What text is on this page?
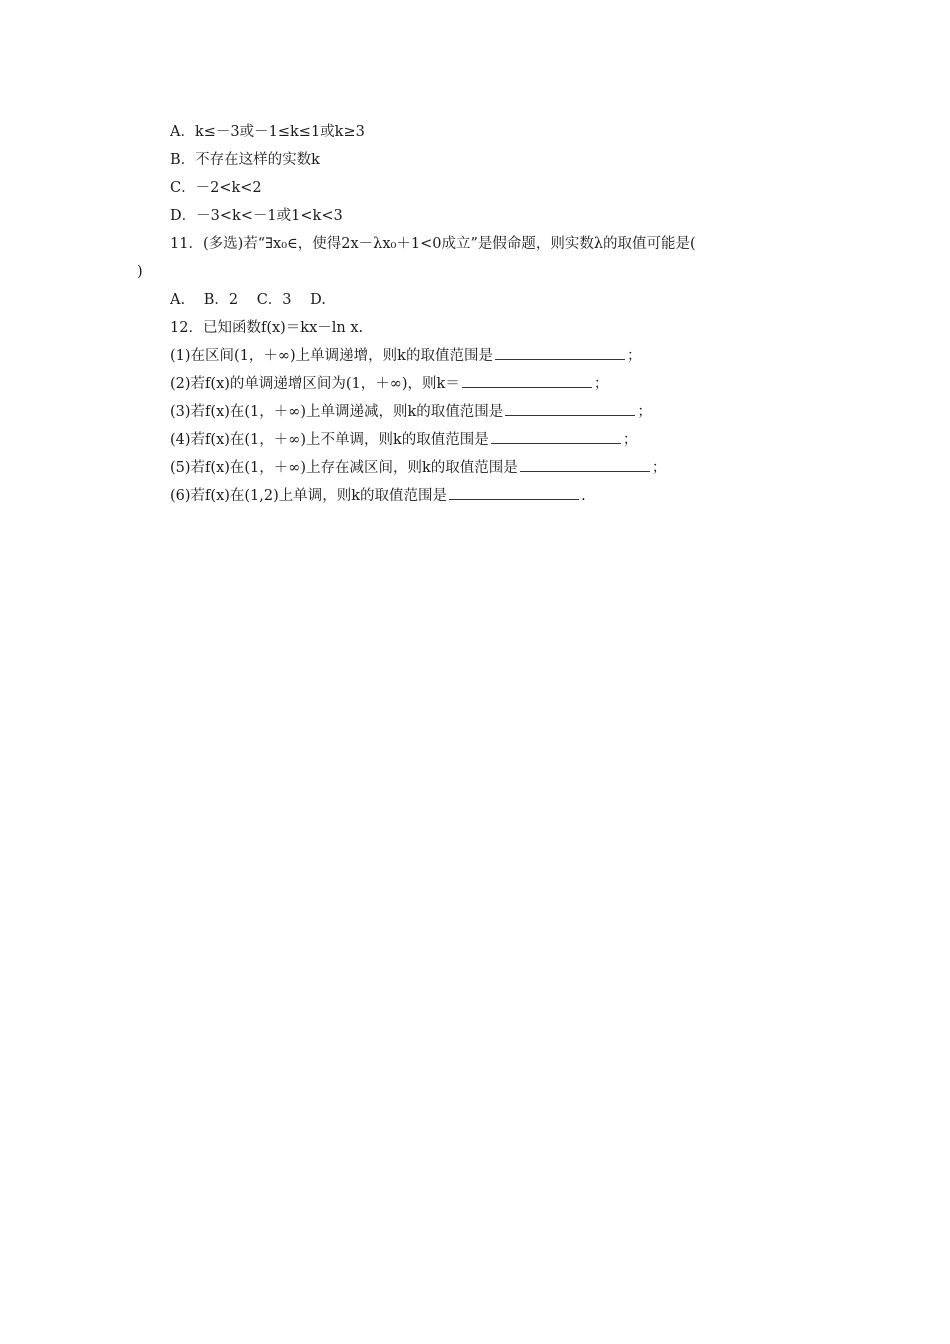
A．k≤－3或－1≤k≤1或k≥3
B．不存在这样的实数k
C．－2<k<2
D．－3<k<－1或1<k<3
11．(多选)若“∃x₀∈，使得2x－λx₀＋1<0成立”是假命题，则实数λ的取值可能是(
)
A. B．2 C．3 D.
12．已知函数f(x)＝kx－ln x.
(1)在区间(1，＋∞)上单调递增，则k的取值范围是	；
(2)若f(x)的单调递增区间为(1，＋∞)，则k＝	；
(3)若f(x)在(1，＋∞)上单调递减，则k的取值范围是	；
(4)若f(x)在(1，＋∞)上不单调，则k的取值范围是	；
(5)若f(x)在(1，＋∞)上存在减区间，则k的取值范围是	；
(6)若f(x)在(1,2)上单调，则k的取值范围是	.
